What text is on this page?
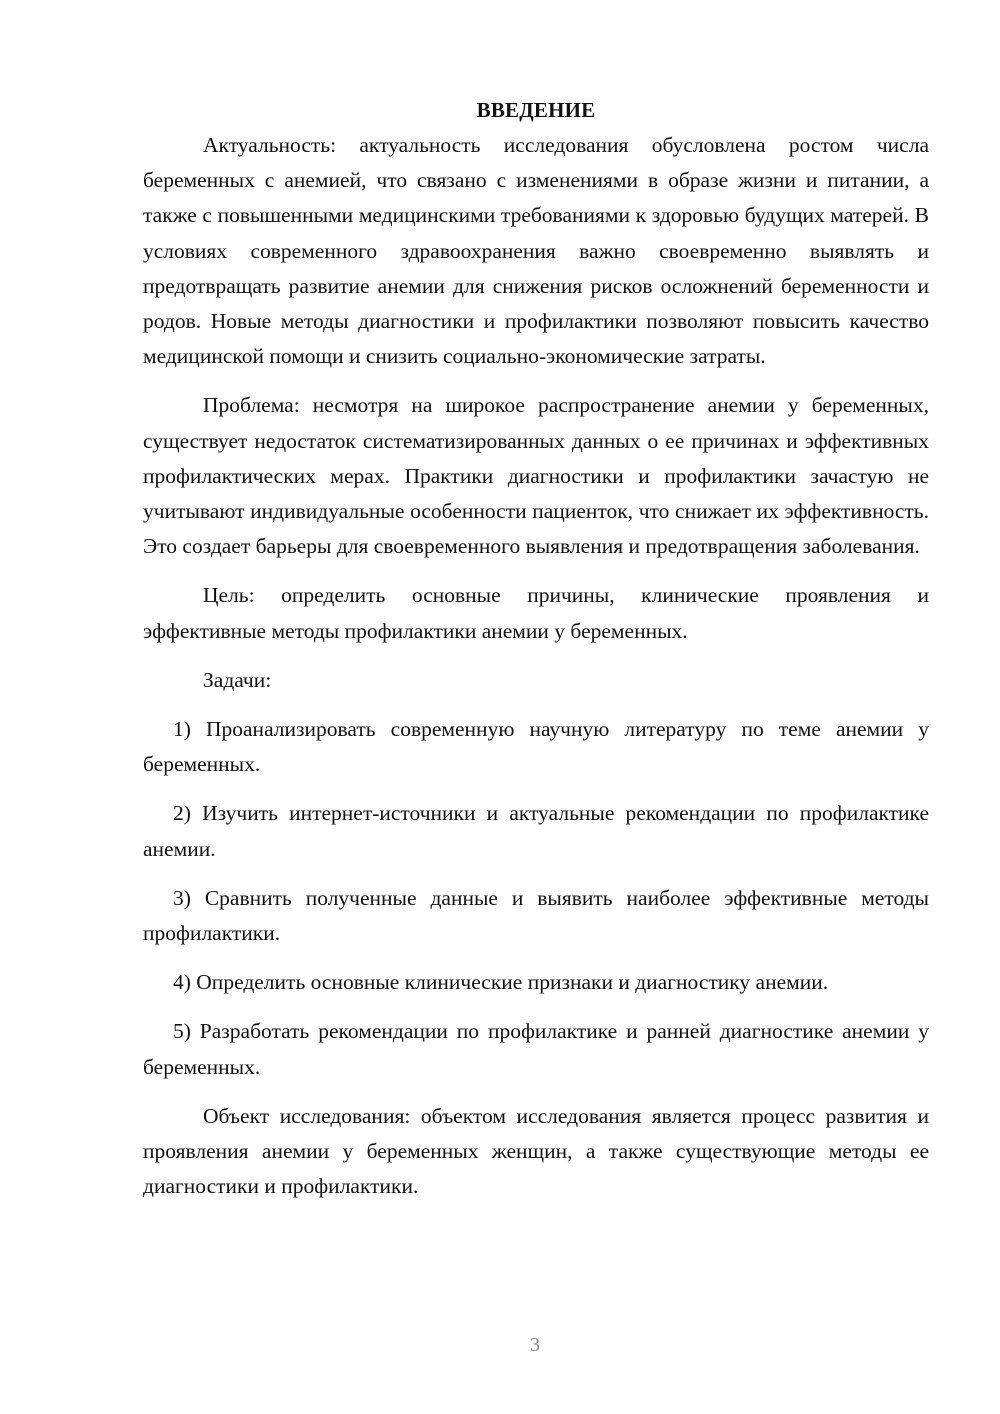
ВВЕДЕНИЕ

Актуальность: актуальность исследования обусловлена ростом числа беременных с анемией, что связано с изменениями в образе жизни и питании, а также с повышенными медицинскими требованиями к здоровью будущих матерей. В условиях современного здравоохранения важно своевременно выявлять и предотвращать развитие анемии для снижения рисков осложнений беременности и родов. Новые методы диагностики и профилактики позволяют повысить качество медицинской помощи и снизить социально-экономические затраты.

Проблема: несмотря на широкое распространение анемии у беременных, существует недостаток систематизированных данных о ее причинах и эффективных профилактических мерах. Практики диагностики и профилактики зачастую не учитывают индивидуальные особенности пациенток, что снижает их эффективность. Это создает барьеры для своевременного выявления и предотвращения заболевания.

Цель: определить основные причины, клинические проявления и эффективные методы профилактики анемии у беременных.

Задачи:

1) Проанализировать современную научную литературу по теме анемии у беременных.

2) Изучить интернет-источники и актуальные рекомендации по профилактике анемии.

3) Сравнить полученные данные и выявить наиболее эффективные методы профилактики.

4) Определить основные клинические признаки и диагностику анемии.

5) Разработать рекомендации по профилактике и ранней диагностике анемии у беременных.

Объект исследования: объектом исследования является процесс развития и проявления анемии у беременных женщин, а также существующие методы ее диагностики и профилактики.

3
